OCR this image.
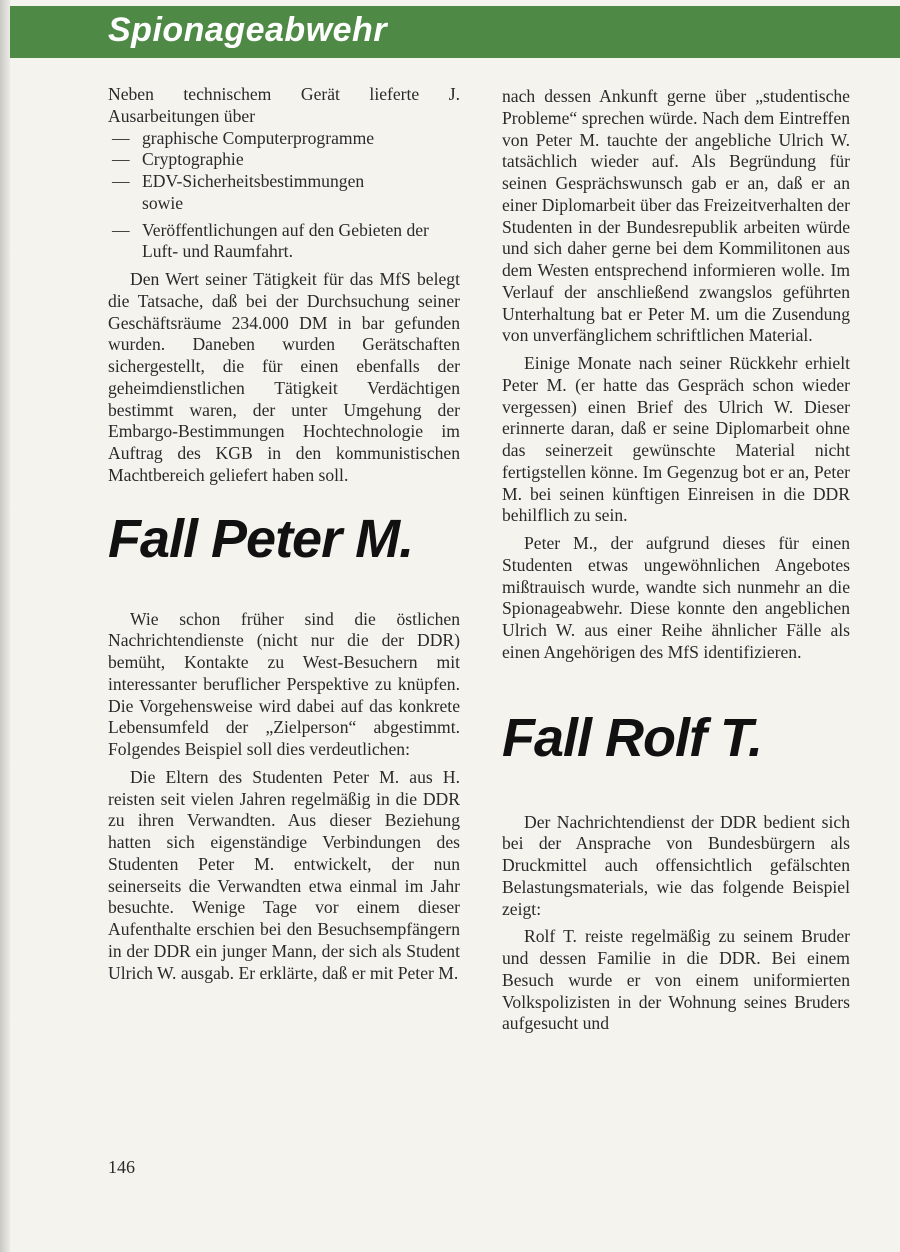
Spionageabwehr

Neben technischem Gerät lieferte J. Ausarbeitungen über

— graphische Computerprogramme
— Cryptographie
— EDV-Sicherheitsbestimmungen sowie
— Veröffentlichungen auf den Gebieten der Luft- und Raumfahrt.

Den Wert seiner Tätigkeit für das MfS belegt die Tatsache, daß bei der Durchsuchung seiner Geschäftsräume 234.000 DM in bar gefunden wurden. Daneben wurden Gerätschaften sichergestellt, die für einen ebenfalls der geheimdienstlichen Tätigkeit Verdächtigen bestimmt waren, der unter Umgehung der Embargo-Bestimmungen Hochtechnologie im Auftrag des KGB in den kommunistischen Machtbereich geliefert haben soll.

Fall Peter M.

Wie schon früher sind die östlichen Nachrichtendienste (nicht nur die der DDR) bemüht, Kontakte zu West-Besuchern mit interessanter beruflicher Perspektive zu knüpfen. Die Vorgehensweise wird dabei auf das konkrete Lebensumfeld der „Zielperson“ abgestimmt. Folgendes Beispiel soll dies verdeutlichen:

Die Eltern des Studenten Peter M. aus H. reisten seit vielen Jahren regelmäßig in die DDR zu ihren Verwandten. Aus dieser Beziehung hatten sich eigenständige Verbindungen des Studenten Peter M. entwickelt, der nun seinerseits die Verwandten etwa einmal im Jahr besuchte. Wenige Tage vor einem dieser Aufenthalte erschien bei den Besuchsempfängern in der DDR ein junger Mann, der sich als Student Ulrich W. ausgab. Er erklärte, daß er mit Peter M.

nach dessen Ankunft gerne über „studentische Probleme“ sprechen würde. Nach dem Eintreffen von Peter M. tauchte der angebliche Ulrich W. tatsächlich wieder auf. Als Begründung für seinen Gesprächswunsch gab er an, daß er an einer Diplomarbeit über das Freizeitverhalten der Studenten in der Bundesrepublik arbeiten würde und sich daher gerne bei dem Kommilitonen aus dem Westen entsprechend informieren wolle. Im Verlauf der anschließend zwangslos geführten Unterhaltung bat er Peter M. um die Zusendung von unverfänglichem schriftlichen Material.

Einige Monate nach seiner Rückkehr erhielt Peter M. (er hatte das Gespräch schon wieder vergessen) einen Brief des Ulrich W. Dieser erinnerte daran, daß er seine Diplomarbeit ohne das seinerzeit gewünschte Material nicht fertigstellen könne. Im Gegenzug bot er an, Peter M. bei seinen künftigen Einreisen in die DDR behilflich zu sein.

Peter M., der aufgrund dieses für einen Studenten etwas ungewöhnlichen Angebotes mißtrauisch wurde, wandte sich nunmehr an die Spionageabwehr. Diese konnte den angeblichen Ulrich W. aus einer Reihe ähnlicher Fälle als einen Angehörigen des MfS identifizieren.

Fall Rolf T.

Der Nachrichtendienst der DDR bedient sich bei der Ansprache von Bundesbürgern als Druckmittel auch offensichtlich gefälschten Belastungsmaterials, wie das folgende Beispiel zeigt:

Rolf T. reiste regelmäßig zu seinem Bruder und dessen Familie in die DDR. Bei einem Besuch wurde er von einem uniformierten Volkspolizisten in der Wohnung seines Bruders aufgesucht und

146
